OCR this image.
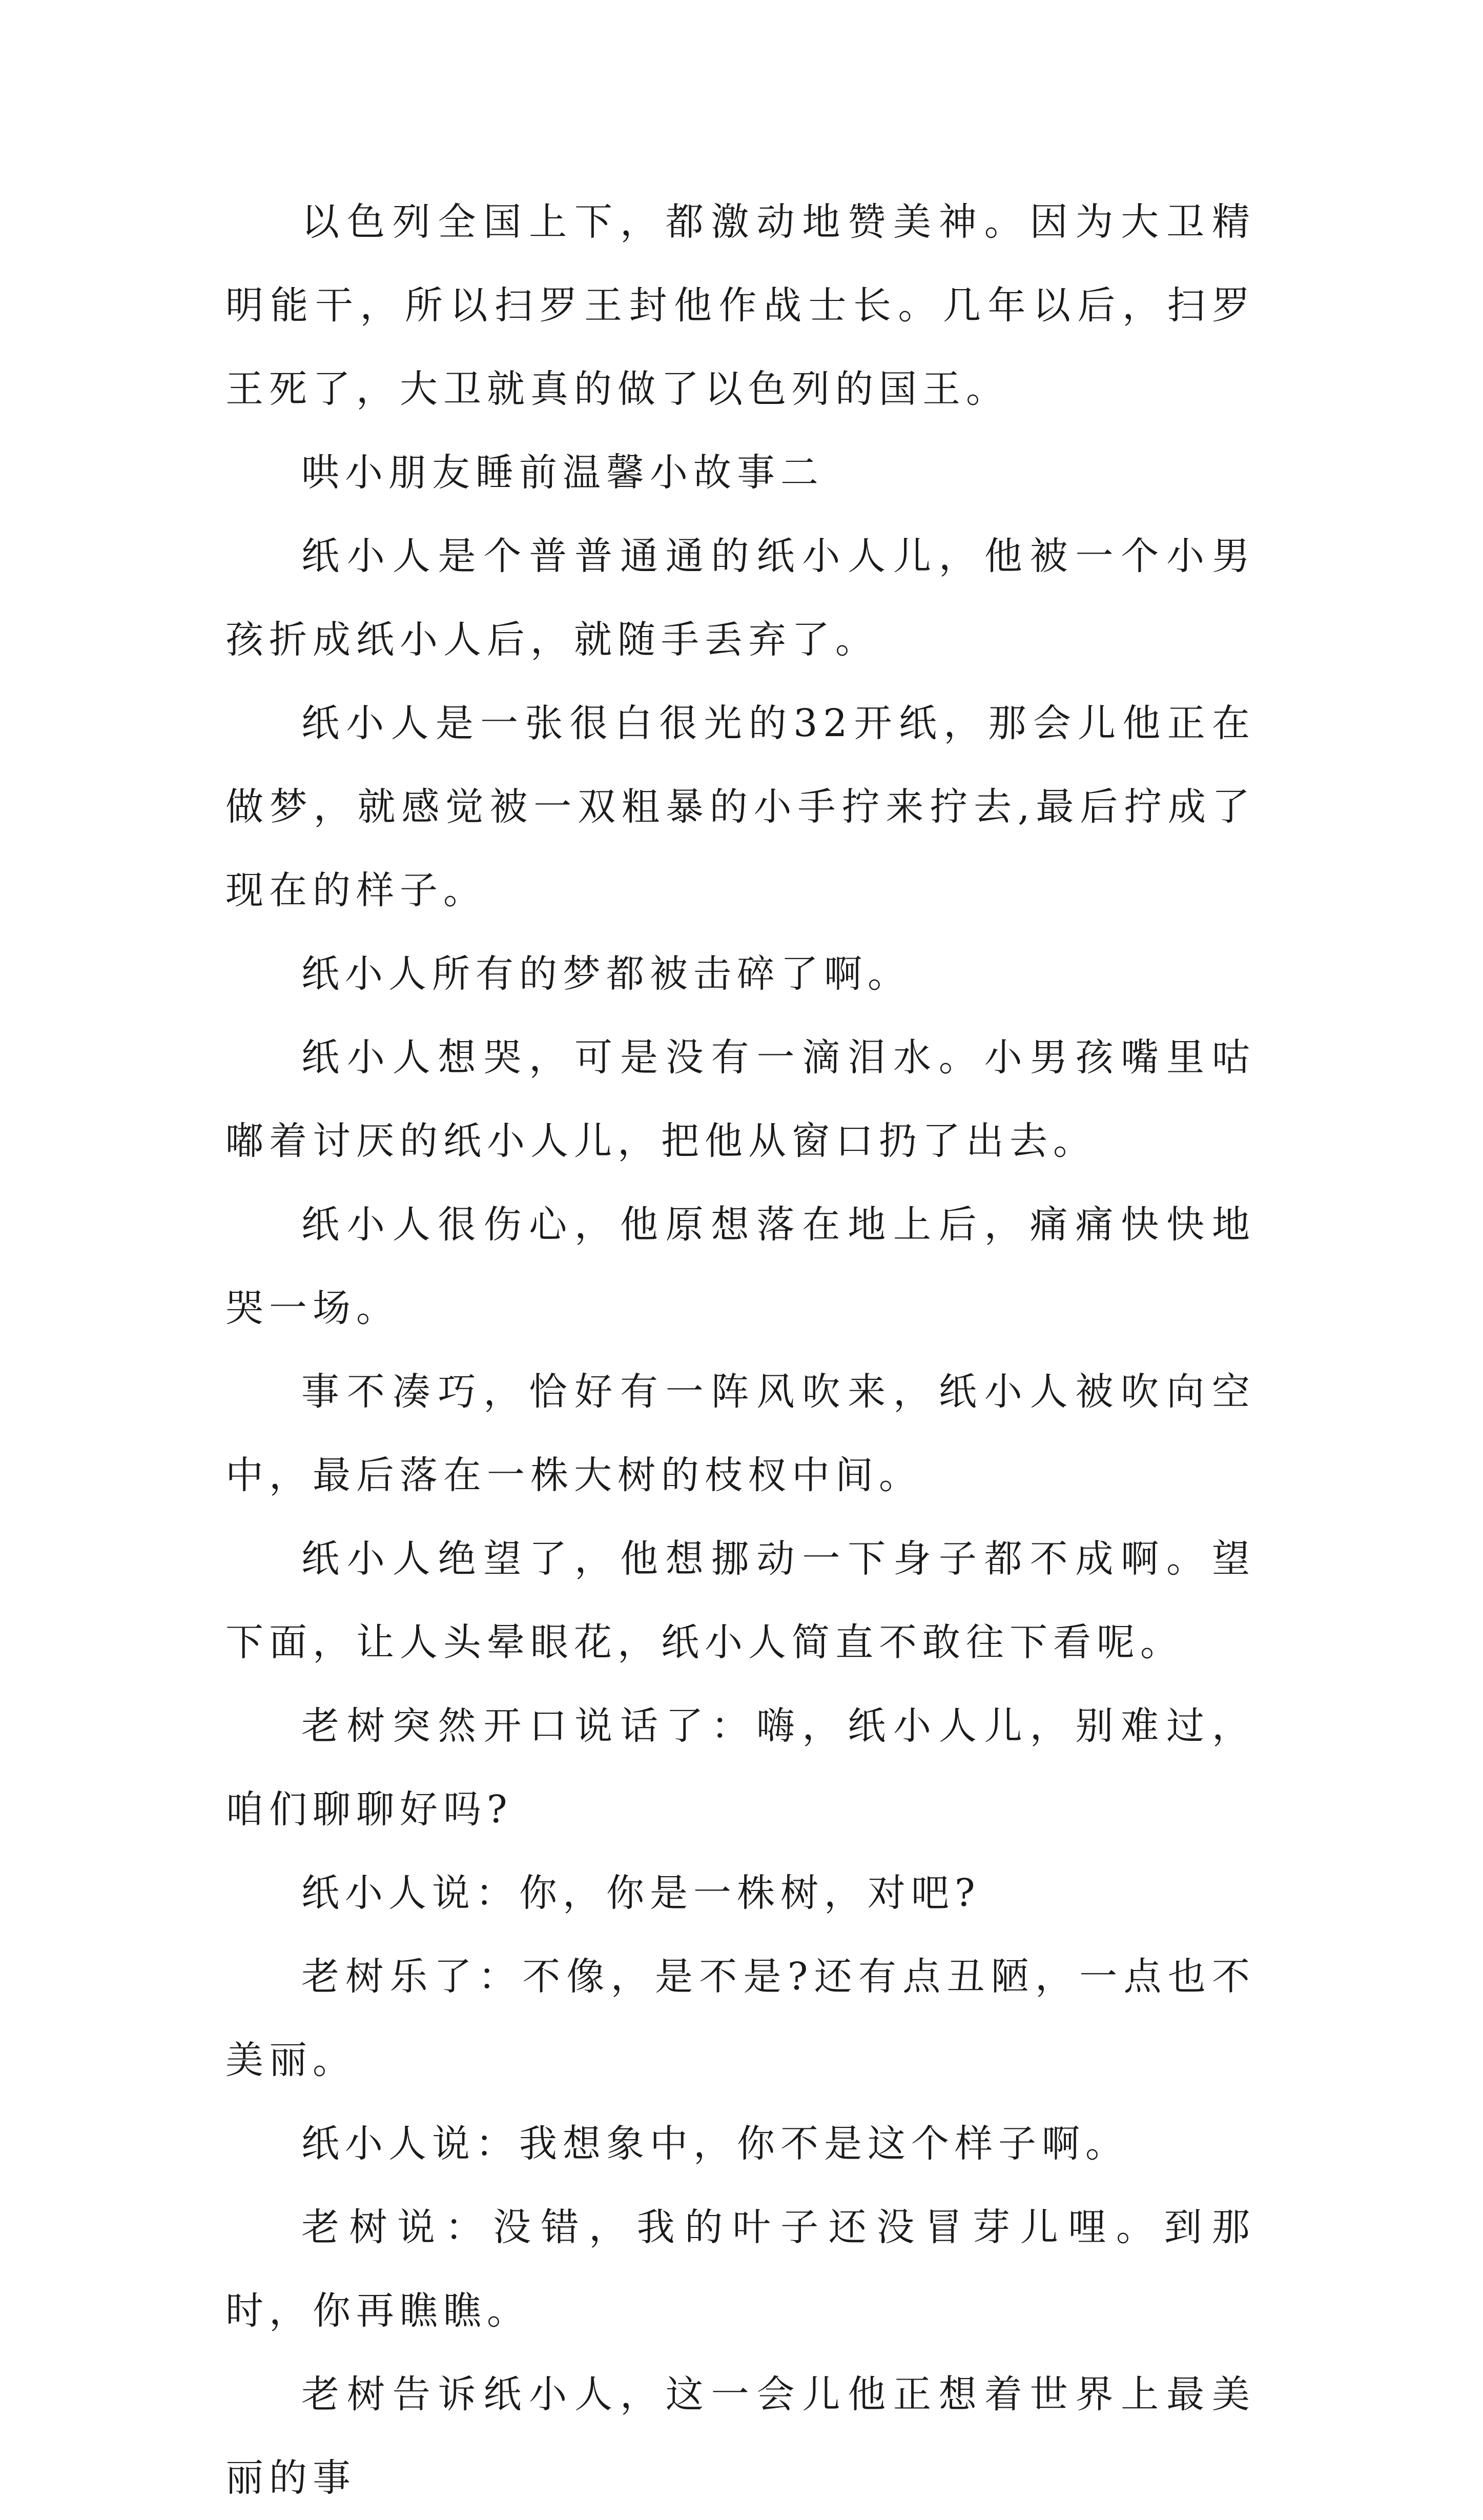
以色列全国上下，都激动地赞美神。因为大卫精明能干，所以扫罗王封他作战士长。几年以后，扫罗王死了，大卫就真的做了以色列的国王。

哄小朋友睡前温馨小故事二

纸小人是个普普通通的纸小人儿，他被一个小男孩折成纸小人后，就随手丢弃了。

纸小人是一张很白很光的32开纸，那会儿他正在做梦，就感觉被一双粗暴的小手拧来拧去,最后拧成了现在的样子。

纸小人所有的梦都被击碎了啊。

纸小人想哭，可是没有一滴泪水。小男孩嘴里咕嘟着讨厌的纸小人儿，把他从窗口扔了出去。

纸小人很伤心，他原想落在地上后，痛痛快快地哭一场。

事不凑巧，恰好有一阵风吹来，纸小人被吹向空中，最后落在一株大树的枝杈中间。

纸小人绝望了，他想挪动一下身子都不成啊。望下面，让人头晕眼花，纸小人简直不敢往下看呢。

老树突然开口说话了：嗨，纸小人儿，别难过，咱们聊聊好吗?

纸小人说：你，你是一株树，对吧?

老树乐了：不像，是不是?还有点丑陋，一点也不美丽。

纸小人说：我想象中，你不是这个样子啊。

老树说：没错，我的叶子还没冒芽儿哩。到那时，你再瞧瞧。

老树告诉纸小人，这一会儿他正想着世界上最美丽的事
